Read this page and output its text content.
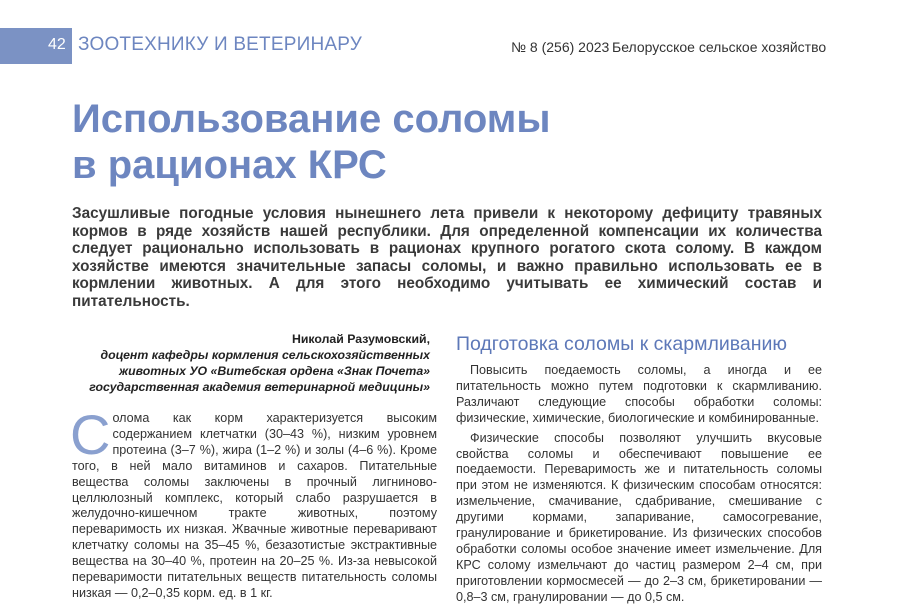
42 ЗООТЕХНИКУ И ВЕТЕРИНАРУ	№ 8 (256) 2023 Белорусское сельское хозяйство
Использование соломы
в рационах КРС

Засушливые погодные условия нынешнего лета привели к некоторому дефициту травяных кормов в ряде хозяйств нашей республики. Для определенной компенсации их количества следует рационально использовать в рационах крупного рогатого скота солому. В каждом хозяйстве имеются значительные запасы соломы, и важно правильно использовать ее в кормлении животных. А для этого необходимо учитывать ее химический состав и питательность.

Николай Разумовский,
доцент кафедры кормления сельскохозяйственных животных УО «Витебская ордена «Знак Почета» государственная академия ветеринарной медицины»
С олома как корм характеризуется высоким содержанием клетчатки (30–43 %), низким уровнем протеина (3–7 %), жира (1–2 %) и золы (4–6 %). Кроме того, в ней мало витаминов и сахаров. Питательные вещества соломы заключены в прочный лигниново-целлюлозный комплекс, который слабо разрушается в желудочно-кишечном тракте животных, поэтому переваримость их низкая. Жвачные животные переваривают клетчатку соломы на 35–45 %, безазотистые экстрактивные вещества на 30–40 %, протеин на 20–25 %. Из-за невысокой переваримости питательных веществ питательность соломы низкая — 0,2–0,35 корм. ед. в 1 кг.

Подготовка соломы к скармливанию

Повысить поедаемость соломы, а иногда и ее питательность можно путем подготовки к скармливанию. Различают следующие способы обработки соломы: физические, химические, биологические и комбинированные.

Физические способы позволяют улучшить вкусовые свойства соломы и обеспечивают повышение ее поедаемости. Переваримость же и питательность соломы при этом не изменяются. К физическим способам относятся: измельчение, смачивание, сдабривание, смешивание с другими кормами, запаривание, самосогревание, гранулирование и брикетирование. Из физических способов обработки соломы особое значение имеет измельчение. Для КРС солому измельчают до частиц размером 2–4 см, при приготовлении кормосмесей — до 2–3 см, брикетировании — 0,8–3 см, гранулировании — до 0,5 см.
